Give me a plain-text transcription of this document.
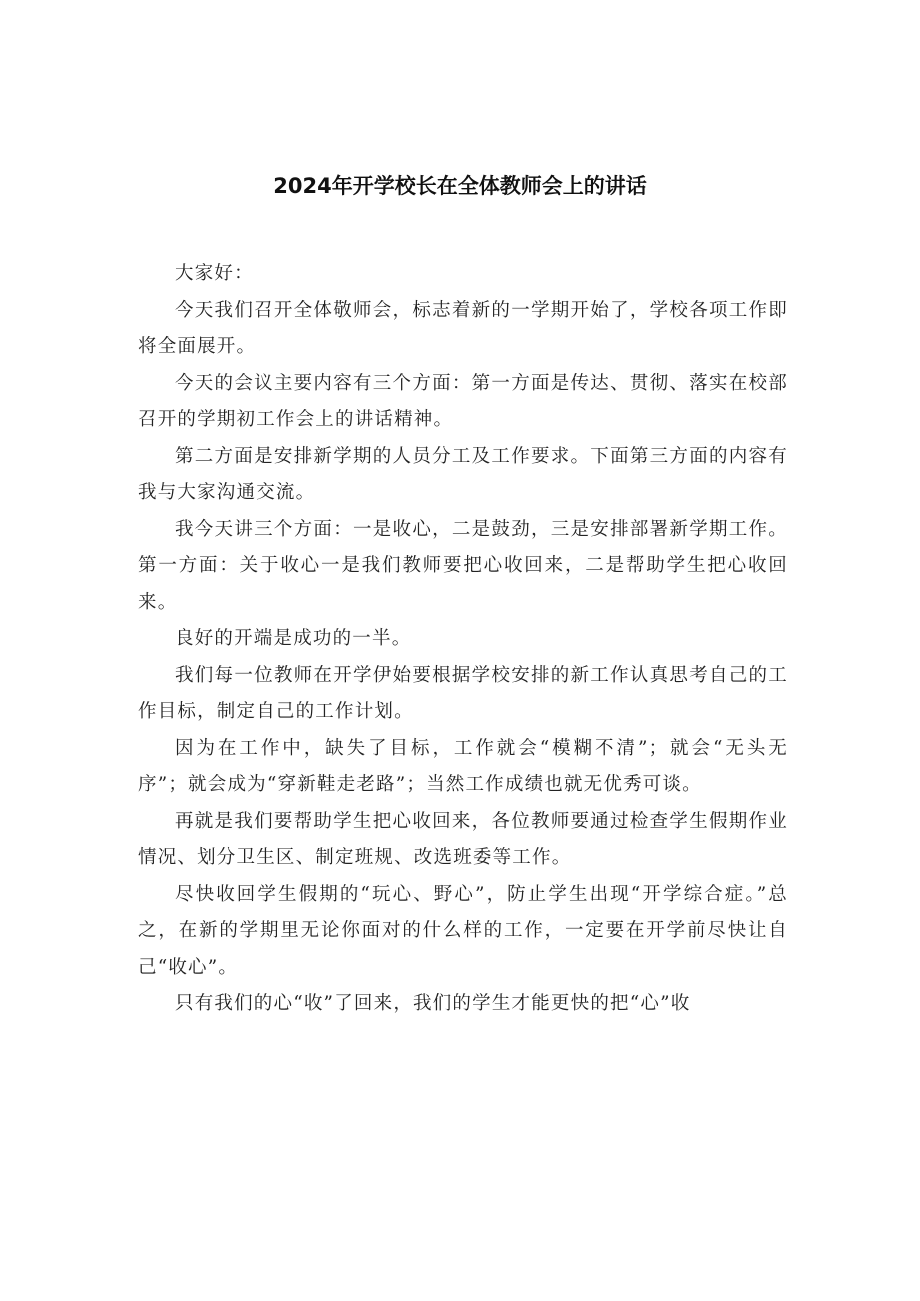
2024年开学校长在全体教师会上的讲话

大家好：

今天我们召开全体敬师会，标志着新的一学期开始了，学校各项工作即将全面展开。

今天的会议主要内容有三个方面：第一方面是传达、贯彻、落实在校部召开的学期初工作会上的讲话精神。

第二方面是安排新学期的人员分工及工作要求。下面第三方面的内容有我与大家沟通交流。

我今天讲三个方面：一是收心，二是鼓劲，三是安排部署新学期工作。第一方面：关于收心一是我们教师要把心收回来，二是帮助学生把心收回来。

良好的开端是成功的一半。

我们每一位教师在开学伊始要根据学校安排的新工作认真思考自己的工作目标，制定自己的工作计划。

因为在工作中，缺失了目标，工作就会“模糊不清”；就会“无头无序”；就会成为“穿新鞋走老路”；当然工作成绩也就无优秀可谈。

再就是我们要帮助学生把心收回来，各位教师要通过检查学生假期作业情况、划分卫生区、制定班规、改选班委等工作。

尽快收回学生假期的“玩心、野心”，防止学生出现“开学综合症。”总之，在新的学期里无论你面对的什么样的工作，一定要在开学前尽快让自己“收心”。

只有我们的心“收”了回来，我们的学生才能更快的把“心”收
